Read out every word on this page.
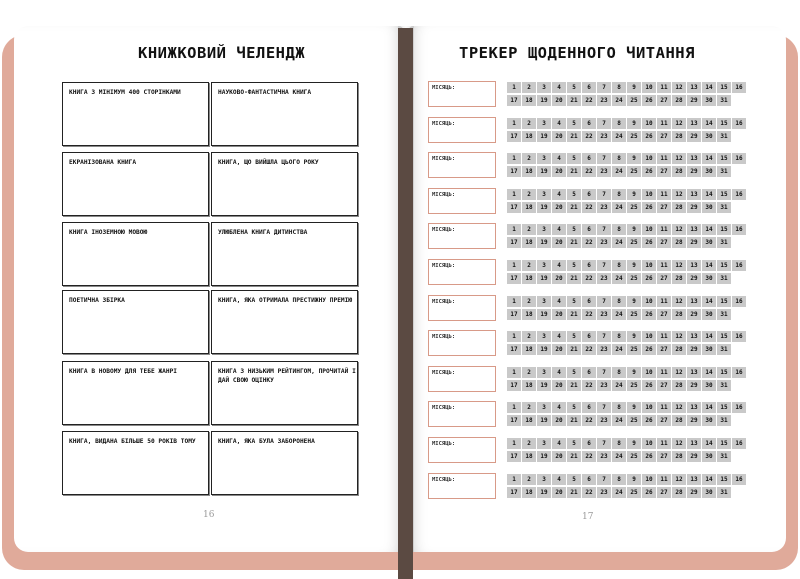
КНИЖКОВИЙ ЧЕЛЕНДЖ
КНИГА З МІНІМУМ 400 СТОРІНКАМИ	НАУКОВО-ФАНТАСТИЧНА КНИГА
ЕКРАНІЗОВАНА КНИГА	КНИГА, ЩО ВИЙШЛА ЦЬОГО РОКУ
КНИГА ІНОЗЕМНОЮ МОВОЮ	УЛЮБЛЕНА КНИГА ДИТИНСТВА
ПОЕТИЧНА ЗБІРКА	КНИГА, ЯКА ОТРИМАЛА ПРЕСТИЖНУ ПРЕМІЮ
КНИГА В НОВОМУ ДЛЯ ТЕБЕ ЖАНРІ	КНИГА З НИЗЬКИМ РЕЙТИНГОМ, ПРОЧИТАЙ І ДАЙ СВОЮ ОЦІНКУ
КНИГА, ВИДАНА БІЛЬШЕ 50 РОКІВ ТОМУ	КНИГА, ЯКА БУЛА ЗАБОРОНЕНА
16
ТРЕКЕР ЩОДЕННОГО ЧИТАННЯ
МІСЯЦЬ:	1	2	3	4	5	6	7	8	9	10	11	12	13	14	15	16
17	18	19	20	21	22	23	24	25	26	27	28	29	30	31
МІСЯЦЬ:	1	2	3	4	5	6	7	8	9	10	11	12	13	14	15	16
17	18	19	20	21	22	23	24	25	26	27	28	29	30	31
МІСЯЦЬ:	1	2	3	4	5	6	7	8	9	10	11	12	13	14	15	16
17	18	19	20	21	22	23	24	25	26	27	28	29	30	31
МІСЯЦЬ:	1	2	3	4	5	6	7	8	9	10	11	12	13	14	15	16
17	18	19	20	21	22	23	24	25	26	27	28	29	30	31
МІСЯЦЬ:	1	2	3	4	5	6	7	8	9	10	11	12	13	14	15	16
17	18	19	20	21	22	23	24	25	26	27	28	29	30	31
МІСЯЦЬ:	1	2	3	4	5	6	7	8	9	10	11	12	13	14	15	16
17	18	19	20	21	22	23	24	25	26	27	28	29	30	31
МІСЯЦЬ:	1	2	3	4	5	6	7	8	9	10	11	12	13	14	15	16
17	18	19	20	21	22	23	24	25	26	27	28	29	30	31
МІСЯЦЬ:	1	2	3	4	5	6	7	8	9	10	11	12	13	14	15	16
17	18	19	20	21	22	23	24	25	26	27	28	29	30	31
МІСЯЦЬ:	1	2	3	4	5	6	7	8	9	10	11	12	13	14	15	16
17	18	19	20	21	22	23	24	25	26	27	28	29	30	31
МІСЯЦЬ:	1	2	3	4	5	6	7	8	9	10	11	12	13	14	15	16
17	18	19	20	21	22	23	24	25	26	27	28	29	30	31
МІСЯЦЬ:	1	2	3	4	5	6	7	8	9	10	11	12	13	14	15	16
17	18	19	20	21	22	23	24	25	26	27	28	29	30	31
МІСЯЦЬ:	1	2	3	4	5	6	7	8	9	10	11	12	13	14	15	16
17	18	19	20	21	22	23	24	25	26	27	28	29	30	31
17
